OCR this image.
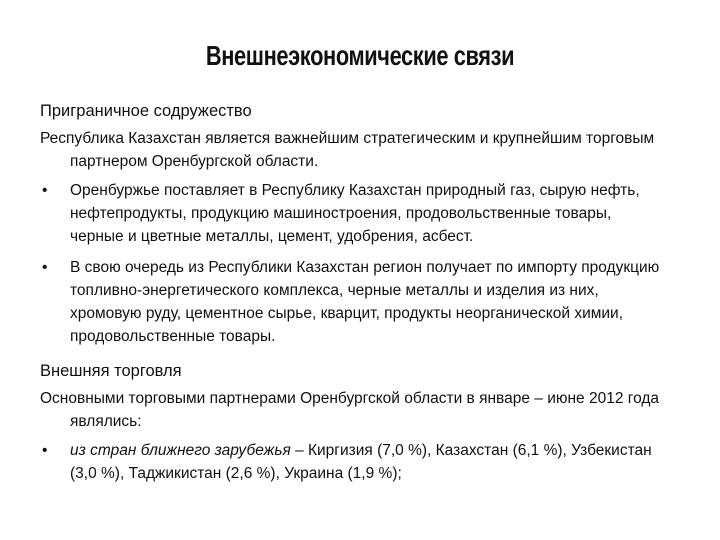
Внешнеэкономические связи
Приграничное содружество

Республика Казахстан является важнейшим стратегическим и крупнейшим торговым партнером Оренбургской области.

• Оренбуржье поставляет в Республику Казахстан природный газ, сырую нефть, нефтепродукты, продукцию машиностроения, продовольственные товары, черные и цветные металлы, цемент, удобрения, асбест.
• В свою очередь из Республики Казахстан регион получает по импорту продукцию топливно-энергетического комплекса, черные металлы и изделия из них, хромовую руду, цементное сырье, кварцит, продукты неорганической химии, продовольственные товары.
Внешняя торговля

Основными торговыми партнерами Оренбургской области в январе – июне 2012 года являлись:

• из стран ближнего зарубежья – Киргизия (7,0 %), Казахстан (6,1 %), Узбекистан (3,0 %), Таджикистан (2,6 %), Украина (1,9 %);
